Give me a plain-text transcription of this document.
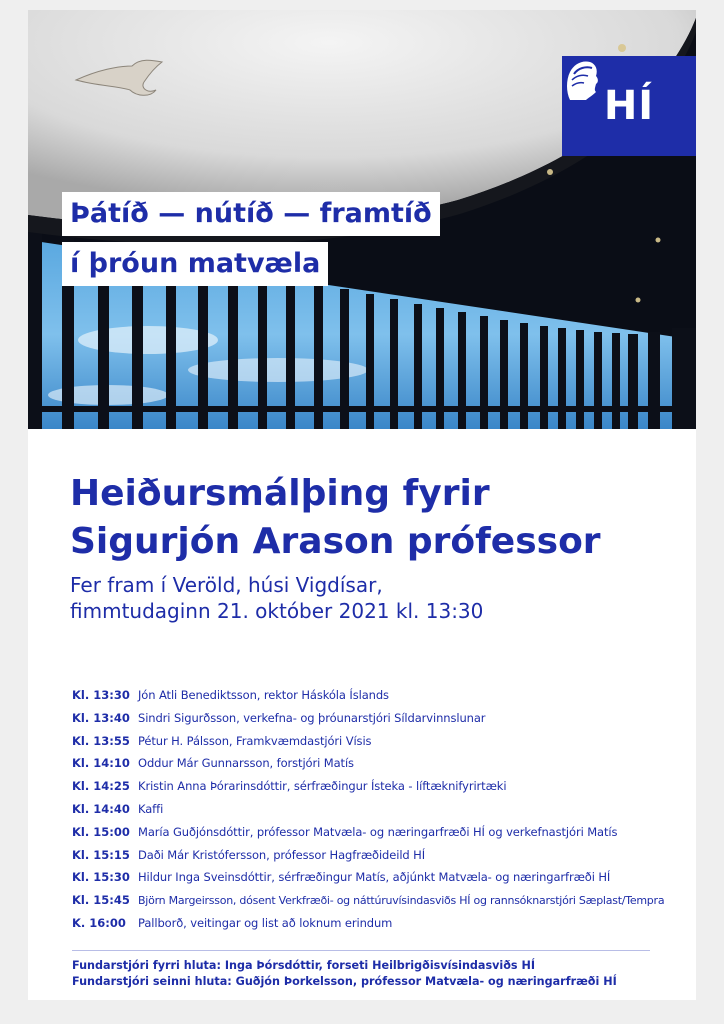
HÍ
Þátíð — nútíð — framtíð
í þróun matvæla
Heiðursmálþing fyrir
Sigurjón Arason prófessor
Fer fram í Veröld, húsi Vigdísar,
fimmtudaginn 21. október 2021 kl. 13:30
Kl. 13:30 Jón Atli Benediktsson, rektor Háskóla Íslands
Kl. 13:40 Sindri Sigurðsson, verkefna- og þróunarstjóri Síldarvinnslunar
Kl. 13:55 Pétur H. Pálsson, Framkvæmdastjóri Vísis
Kl. 14:10 Oddur Már Gunnarsson, forstjóri Matís
Kl. 14:25 Kristin Anna Þórarinsdóttir, sérfræðingur Ísteka - líftæknifyrirtæki
Kl. 14:40 Kaffi
Kl. 15:00 María Guðjónsdóttir, prófessor Matvæla- og næringarfræði HÍ og verkefnastjóri Matís
Kl. 15:15 Daði Már Kristófersson, prófessor Hagfræðideild HÍ
Kl. 15:30 Hildur Inga Sveinsdóttir, sérfræðingur Matís, aðjúnkt Matvæla- og næringarfræði HÍ
Kl. 15:45 Björn Margeirsson, dósent Verkfræði- og náttúruvísindasviðs HÍ og rannsóknarstjóri Sæplast/Tempra
K. 16:00	Pallborð, veitingar og list að loknum erindum
Fundarstjóri fyrri hluta: Inga Þórsdóttir, forseti Heilbrigðisvísindasviðs HÍ
Fundarstjóri seinni hluta: Guðjón Þorkelsson, prófessor Matvæla- og næringarfræði HÍ
